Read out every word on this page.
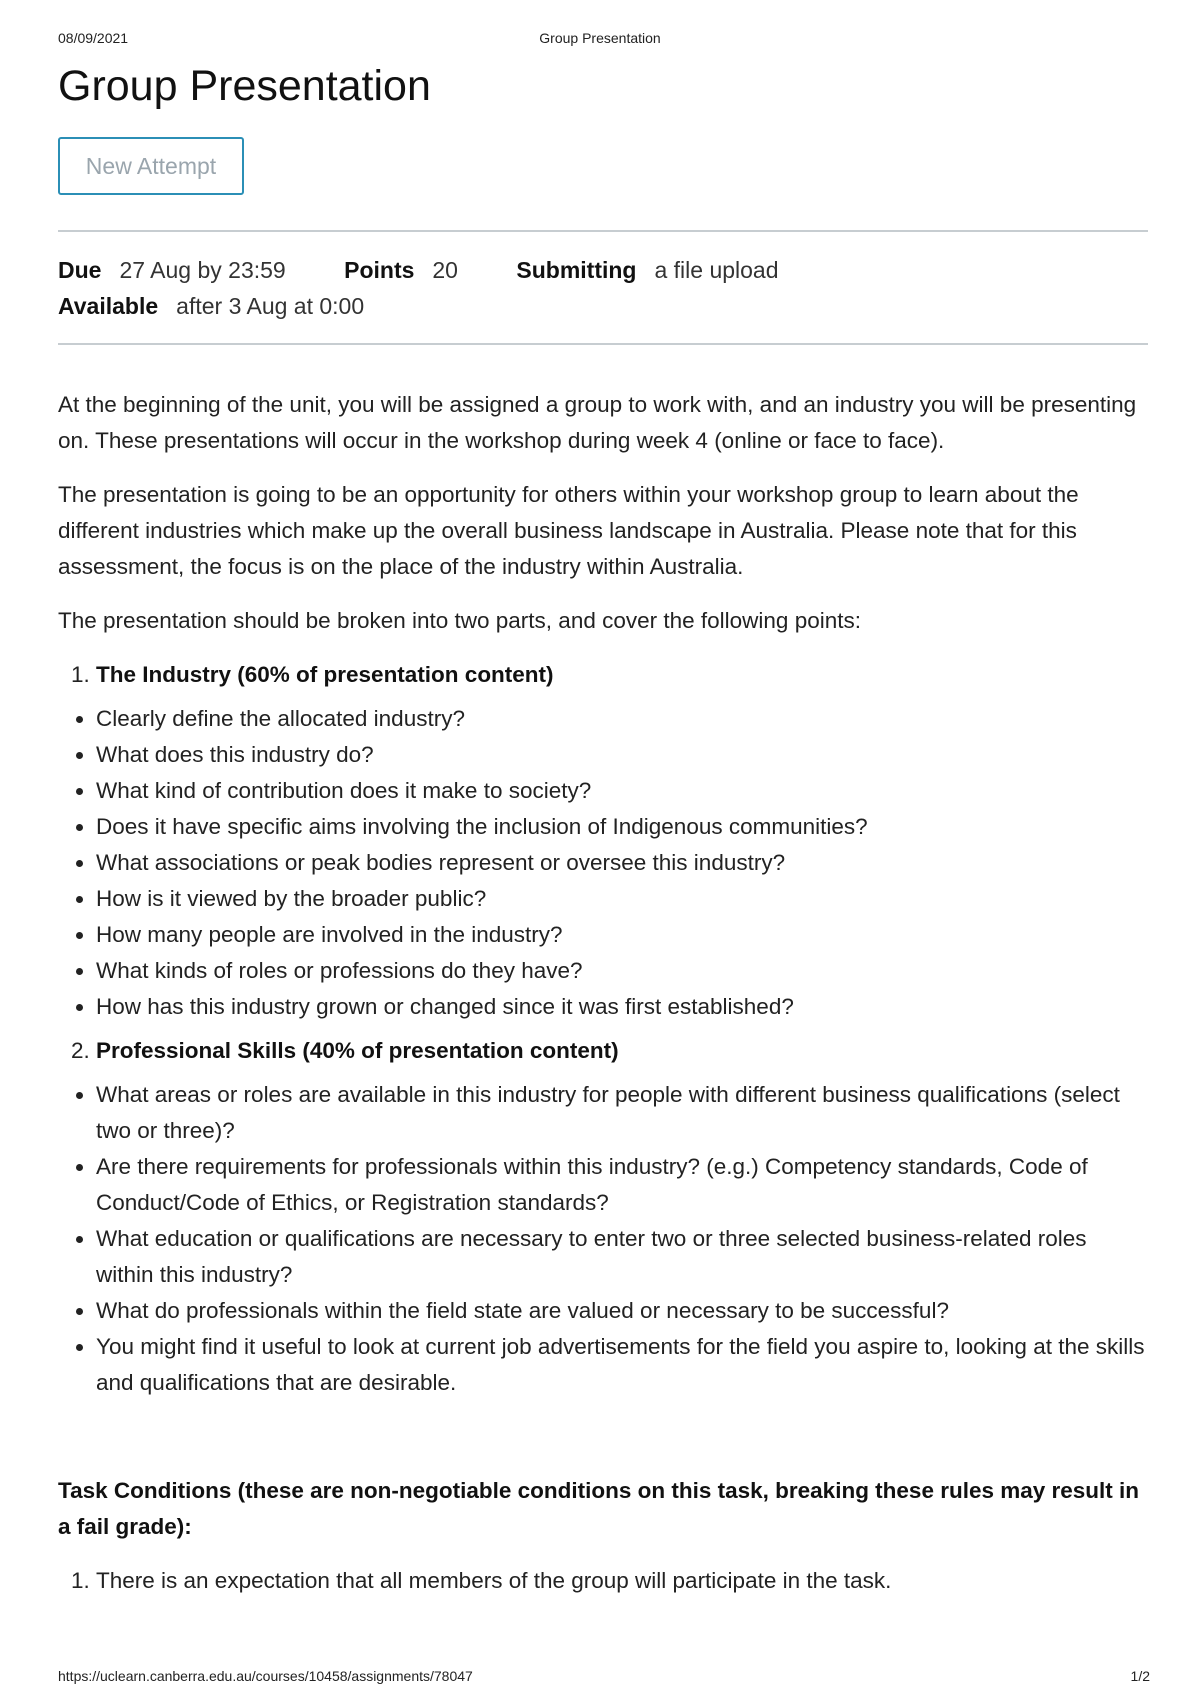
08/09/2021	Group Presentation
Group Presentation
New Attempt
Due 27 Aug by 23:59	Points 20	Submitting a file upload
Available after 3 Aug at 0:00

At the beginning of the unit, you will be assigned a group to work with, and an industry you will be presenting on. These presentations will occur in the workshop during week 4 (online or face to face).

The presentation is going to be an opportunity for others within your workshop group to learn about the different industries which make up the overall business landscape in Australia. Please note that for this assessment, the focus is on the place of the industry within Australia.

The presentation should be broken into two parts, and cover the following points:

1. The Industry (60% of presentation content)
• Clearly define the allocated industry?
• What does this industry do?
• What kind of contribution does it make to society?
• Does it have specific aims involving the inclusion of Indigenous communities?
• What associations or peak bodies represent or oversee this industry?
• How is it viewed by the broader public?
• How many people are involved in the industry?
• What kinds of roles or professions do they have?
• How has this industry grown or changed since it was first established?
2. Professional Skills (40% of presentation content)
• What areas or roles are available in this industry for people with different business qualifications (select two or three)?
• Are there requirements for professionals within this industry? (e.g.) Competency standards, Code of Conduct/Code of Ethics, or Registration standards?
• What education or qualifications are necessary to enter two or three selected business-related roles within this industry?
• What do professionals within the field state are valued or necessary to be successful?
• You might find it useful to look at current job advertisements for the field you aspire to, looking at the skills and qualifications that are desirable.

Task Conditions (these are non-negotiable conditions on this task, breaking these rules may result in a fail grade):

1. There is an expectation that all members of the group will participate in the task.
https://uclearn.canberra.edu.au/courses/10458/assignments/78047	1/2
